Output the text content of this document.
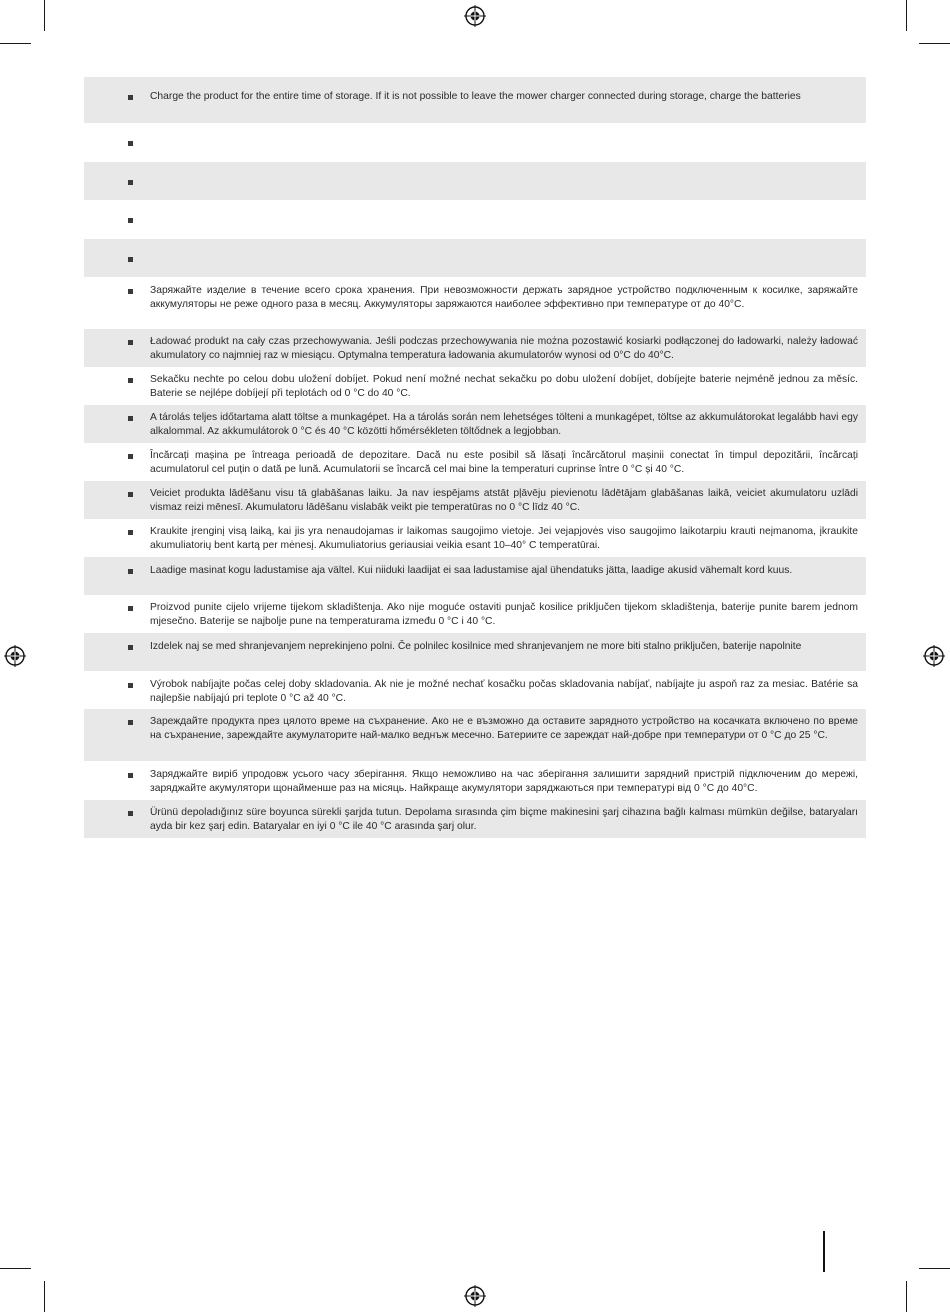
Charge the product for the entire time of storage. If it is not possible to leave the mower charger connected during storage, charge the batteries
Заряжайте изделие в течение всего срока хранения. При невозможности держать зарядное устройство подключенным к косилке, заряжайте аккумуляторы не реже одного раза в месяц. Аккумуляторы заряжаются наиболее эффективно при температуре от до 40°C.
Ładować produkt na cały czas przechowywania. Jeśli podczas przechowywania nie można pozostawić kosiarki podłączonej do ładowarki, należy ładować akumulatory co najmniej raz w miesiącu. Optymalna temperatura ładowania akumulatorów wynosi od 0°C do 40°C.
Sekačku nechte po celou dobu uložení dobíjet. Pokud není možné nechat sekačku po dobu uložení dobíjet, dobíjejte baterie nejméně jednou za měsíc. Baterie se nejlépe dobíjejí při teplotách od 0 °C do 40 °C.
A tárolás teljes időtartama alatt töltse a munkagépet. Ha a tárolás során nem lehetséges tölteni a munkagépet, töltse az akkumulátorokat legalább havi egy alkalommal. Az akkumulátorok 0 °C és 40 °C közötti hőmérsékleten töltődnek a legjobban.
Încărcați mașina pe întreaga perioadă de depozitare. Dacă nu este posibil să lăsați încărcătorul mașinii conectat în timpul depozitării, încărcați acumulatorul cel puțin o dată pe lună. Acumulatorii se încarcă cel mai bine la temperaturi cuprinse între 0 °C și 40 °C.
Veiciet produkta lādēšanu visu tā glabāšanas laiku. Ja nav iespējams atstāt pļāvēju pievienotu lādētājam glabāšanas laikā, veiciet akumulatoru uzlādi vismaz reizi mēnesī. Akumulatoru lādēšanu vislabāk veikt pie temperatūras no 0 °C līdz 40 °C.
Kraukite įrenginį visą laiką, kai jis yra nenaudojamas ir laikomas saugojimo vietoje. Jei vejapjovės viso saugojimo laikotarpiu krauti neįmanoma, įkraukite akumuliatorių bent kartą per mėnesį. Akumuliatorius geriausiai veikia esant 10–40° C temperatūrai.
Laadige masinat kogu ladustamise aja vältel. Kui niiduki laadijat ei saa ladustamise ajal ühendatuks jätta, laadige akusid vähemalt kord kuus.
Proizvod punite cijelo vrijeme tijekom skladištenja. Ako nije moguće ostaviti punjač kosilice priključen tijekom skladištenja, baterije punite barem jednom mjesečno. Baterije se najbolje pune na temperaturama između 0 °C i 40 °C.
Izdelek naj se med shranjevanjem neprekinjeno polni. Če polnilec kosilnice med shranjevanjem ne more biti stalno priključen, baterije napolnite
Výrobok nabíjajte počas celej doby skladovania. Ak nie je možné nechať kosačku počas skladovania nabíjať, nabíjajte ju aspoň raz za mesiac. Batérie sa najlepšie nabíjajú pri teplote 0 °C až 40 °C.
Зареждайте продукта през цялото време на съхранение. Ако не е възможно да оставите зарядното устройство на косачката включено по време на съхранение, зареждайте акумулаторите най-малко веднъж месечно. Батериите се зареждат най-добре при температури от 0 °C до 25 °C.
Заряджайте виріб упродовж усього часу зберігання. Якщо неможливо на час зберігання залишити зарядний пристрій підключеним до мережі, заряджайте акумулятори щонайменше раз на місяць. Найкраще акумулятори заряджаються при температурі від 0 °C до 40°C.
Ürünü depoladığınız süre boyunca sürekli şarjda tutun. Depolama sırasında çim biçme makinesini şarj cihazına bağlı kalması mümkün değilse, bataryaları ayda bir kez şarj edin. Bataryalar en iyi 0 °C ile 40 °C arasında şarj olur.
